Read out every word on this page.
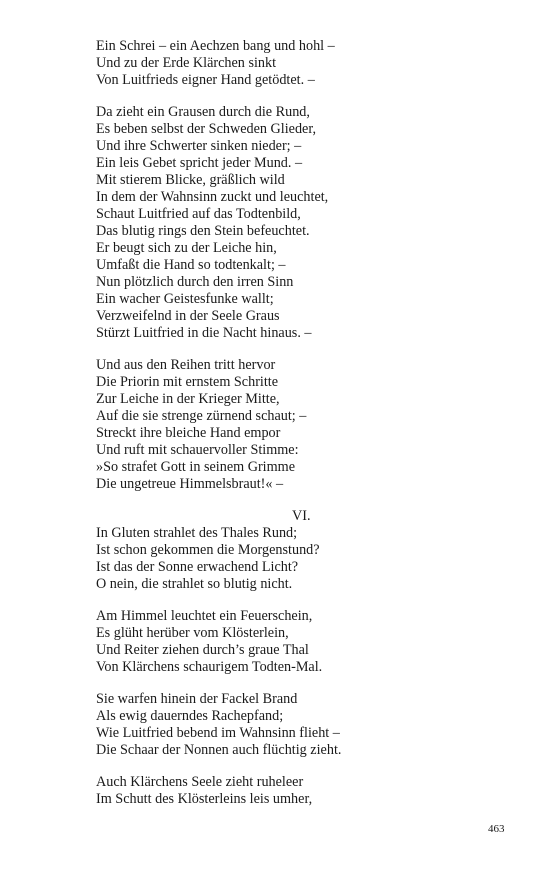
Ein Schrei – ein Aechzen bang und hohl –
Und zu der Erde Klärchen sinkt
Von Luitfrieds eigner Hand getödtet. –
Da zieht ein Grausen durch die Rund,
Es beben selbst der Schweden Glieder,
Und ihre Schwerter sinken nieder; –
Ein leis Gebet spricht jeder Mund. –
Mit stierem Blicke, gräßlich wild
In dem der Wahnsinn zuckt und leuchtet,
Schaut Luitfried auf das Todtenbild,
Das blutig rings den Stein befeuchtet.
Er beugt sich zu der Leiche hin,
Umfaßt die Hand so todtenkalt; –
Nun plötzlich durch den irren Sinn
Ein wacher Geistesfunke wallt;
Verzweifelnd in der Seele Graus
Stürzt Luitfried in die Nacht hinaus. –
Und aus den Reihen tritt hervor
Die Priorin mit ernstem Schritte
Zur Leiche in der Krieger Mitte,
Auf die sie strenge zürnend schaut; –
Streckt ihre bleiche Hand empor
Und ruft mit schauervoller Stimme:
»So strafet Gott in seinem Grimme
Die ungetreue Himmelsbraut!« –
VI.
In Gluten strahlet des Thales Rund;
Ist schon gekommen die Morgenstund?
Ist das der Sonne erwachend Licht?
O nein, die strahlet so blutig nicht.
Am Himmel leuchtet ein Feuerschein,
Es glüht herüber vom Klösterlein,
Und Reiter ziehen durch’s graue Thal
Von Klärchens schaurigem Todten-Mal.
Sie warfen hinein der Fackel Brand
Als ewig dauerndes Rachepfand;
Wie Luitfried bebend im Wahnsinn flieht –
Die Schaar der Nonnen auch flüchtig zieht.
Auch Klärchens Seele zieht ruheleer
Im Schutt des Klösterleins leis umher,
463
